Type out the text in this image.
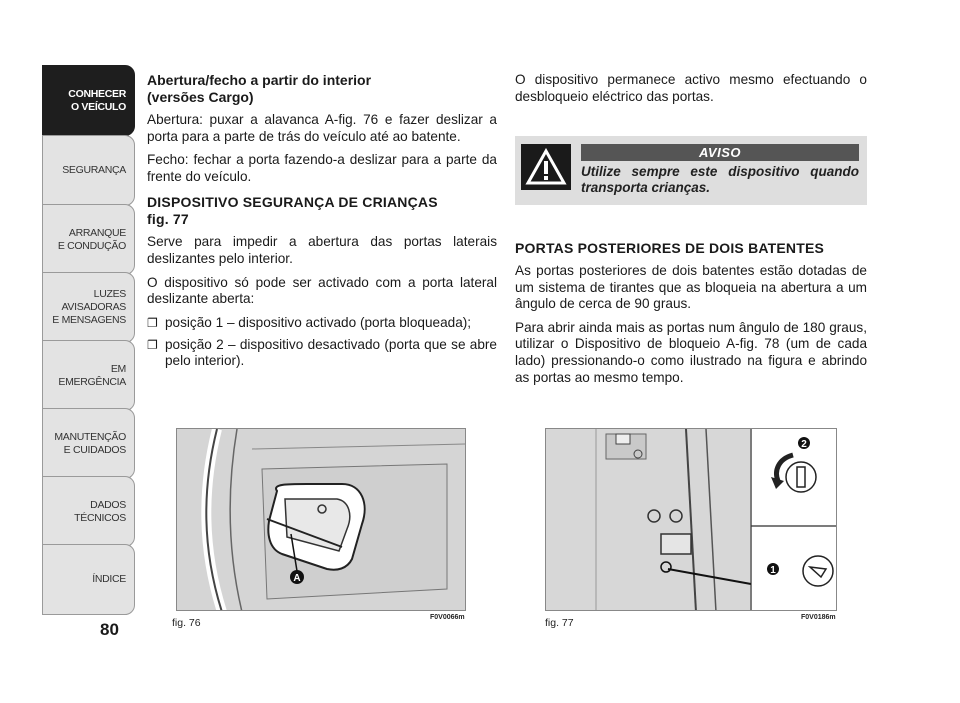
CONHECER
O VEÍCULO
SEGURANÇA
ARRANQUE
E CONDUÇÃO
LUZES AVISADORAS
E MENSAGENS
EM EMERGÊNCIA
MANUTENÇÃO
E CUIDADOS
DADOS TÉCNICOS
ÍNDICE
80
Abertura/fecho a partir do interior
(versões Cargo)

Abertura: puxar a alavanca A-fig. 76 e fazer deslizar a porta para a parte de trás do veículo até ao batente.

Fecho: fechar a porta fazendo-a deslizar para a parte da frente do veículo.

DISPOSITIVO SEGURANÇA DE CRIANÇAS
fig. 77

Serve para impedir a abertura das portas laterais deslizantes pelo interior.

O dispositivo só pode ser activado com a porta lateral deslizante aberta:

❐ posição 1 – dispositivo activado (porta bloqueada);
❐ posição 2 – dispositivo desactivado (porta que se abre pelo interior).

O dispositivo permanece activo mesmo efectuando o desbloqueio eléctrico das portas.

AVISO
Utilize sempre este dispositivo quando transporta crianças.
PORTAS POSTERIORES DE DOIS BATENTES

As portas posteriores de dois batentes estão dotadas de um sistema de tirantes que as bloqueia na abertura a um ângulo de cerca de 90 graus.

Para abrir ainda mais as portas num ângulo de 180 graus, utilizar o Dispositivo de bloqueio A-fig. 78 (um de cada lado) pressionando-o como ilustrado na figura e abrindo as portas ao mesmo tempo.

A
fig. 76	F0V0066m
2
1
fig. 77	F0V0186m
